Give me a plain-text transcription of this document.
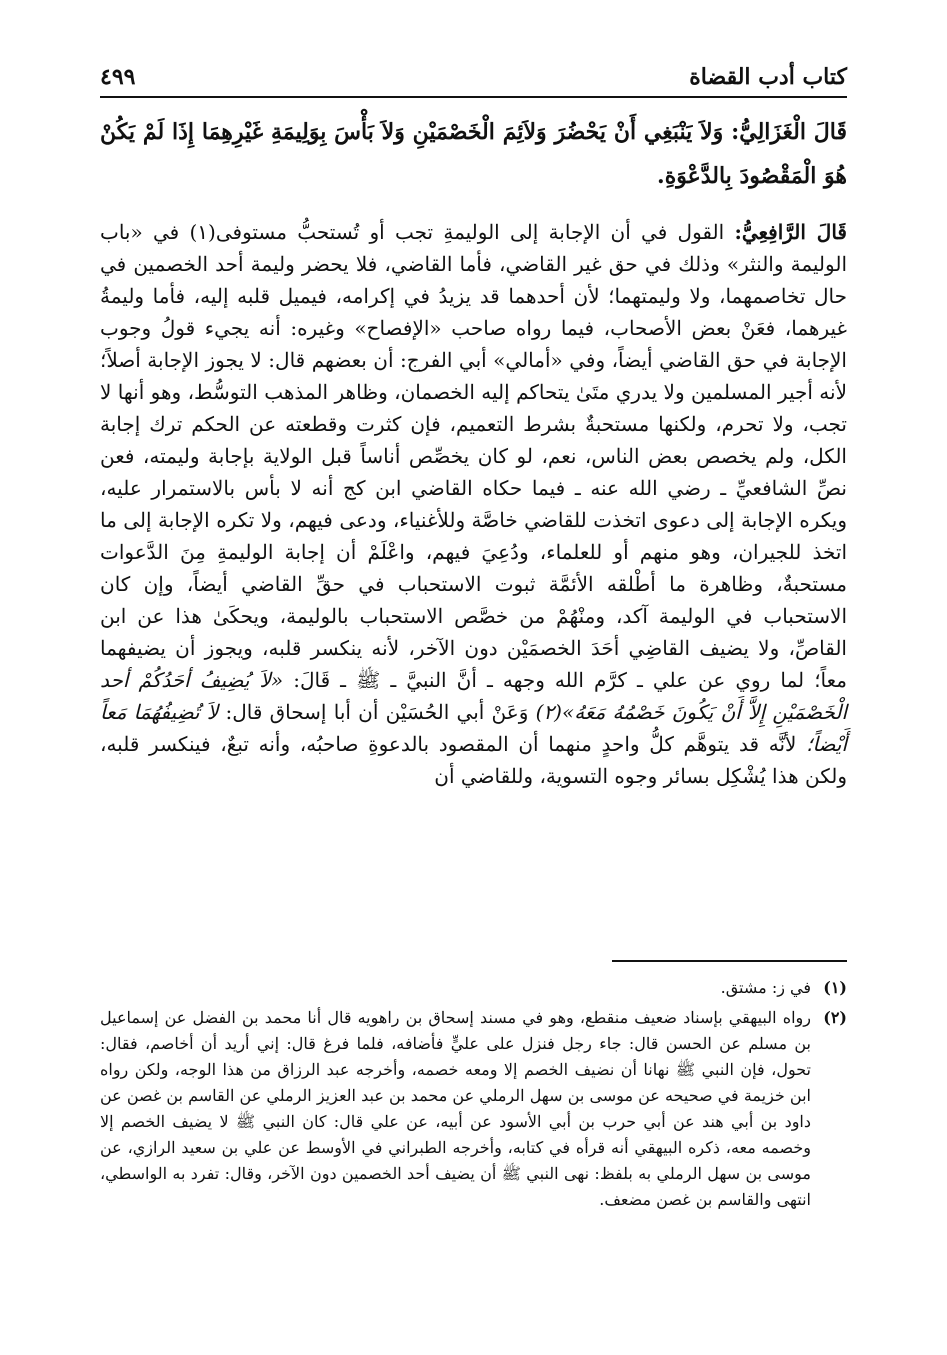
كتاب أدب القضاة
٤٩٩

قَالَ الْغَزَالِيُّ: وَلاَ يَنْبَغِي أَنْ يَحْضُرَ وَلاَئِمَ الْخَصْمَيْنِ وَلاَ بَأْسَ بِوَلِيمَةِ غَيْرِهِمَا إِذَا لَمْ يَكُنْ هُوَ الْمَقْصُودَ بِالدَّعْوَةِ.

قَالَ الرَّافِعِيُّ: القول في أن الإجابة إلى الوليمةِ تجب أو تُستحبُّ مستوفى(١) في «باب الوليمة والنثر» وذلك في حق غير القاضي، فأما القاضي، فلا يحضر وليمة أحد الخصمين في حال تخاصمهما، ولا وليمتهما؛ لأن أحدهما قد يزيدُ في إكرامه، فيميل قلبه إليه، فأما وليمةُ غيرهما، فعَنْ بعض الأصحاب، فيما رواه صاحب «الإفصاح» وغيره: أنه يجيء قولُ وجوب الإجابة في حق القاضي أيضاً، وفي «أمالي» أبي الفرج: أن بعضهم قال: لا يجوز الإجابة أصلاً؛ لأنه أجير المسلمين ولا يدري متَىٰ يتحاكم إليه الخصمان، وظاهر المذهب التوسُّط، وهو أنها لا تجب، ولا تحرم، ولكنها مستحبةٌ بشرط التعميم، فإن كثرت وقطعته عن الحكم ترك إجابة الكل، ولم يخصص بعض الناس، نعم، لو كان يخصِّص أناساً قبل الولاية بإجابة وليمته، فعن نصِّ الشافعيِّ ـ رضي الله عنه ـ فيما حكاه القاضي ابن كج أنه لا بأس بالاستمرار عليه، ويكره الإجابة إلى دعوى اتخذت للقاضي خاصَّة وللأغنياء، ودعى فيهم، ولا تكره الإجابة إلى ما اتخذ للجيران، وهو منهم أو للعلماء، ودُعِيَ فيهم، واعْلَمْ أن إجابة الوليمةِ مِنَ الدَّعوات مستحبةٌ، وظاهرة ما أطْلقه الأئمَّة ثبوت الاستحباب في حقِّ القاضي أيضاً، وإن كان الاستحباب في الوليمة آكد، ومنْهُمْ من خصَّص الاستحباب بالوليمة، ويحكَىٰ هذا عن ابن القاصِّ، ولا يضيف القاضِي أحَدَ الخصمَيْن دون الآخر، لأنه ينكسر قلبه، ويجوز أن يضيفهما معاً؛ لما روي عن علي ـ كرَّم الله وجهه ـ أنَّ النبيَّ ـ ﷺ ـ قَالَ: «لاَ يُضِيفُ أحَدُكُمْ أحد الْخَصْمَيْنِ إِلاَّ أَنْ يَكُونَ خَصْمُهُ مَعَهُ»(٢) وَعَنْ أبي الحُسَيْن أن أبا إسحاق قال: لاَ تُضِيفُهُمَا مَعاً أَيْضاً؛ لأنَّه قد يتوهَّم كلُّ واحدٍ منهما أن المقصود بالدعوةِ صاحبُه، وأنه تبعٌ، فينكسر قلبه، ولكن هذا يُشْكِل بسائر وجوه التسوية، وللقاضي أن

(١)
في ز: مشتق.
(٢)
رواه البيهقي بإسناد ضعيف منقطع، وهو في مسند إسحاق بن راهويه قال أنا محمد بن الفضل عن إسماعيل بن مسلم عن الحسن قال: جاء رجل فنزل على عليٍّ فأضافه، فلما فرغ قال: إني أريد أن أخاصم، فقال: تحول، فإن النبي ﷺ نهانا أن نضيف الخصم إلا ومعه خصمه، وأخرجه عبد الرزاق من هذا الوجه، ولكن رواه ابن خزيمة في صحيحه عن موسى بن سهل الرملي عن محمد بن عبد العزيز الرملي عن القاسم بن غصن عن داود بن أبي هند عن أبي حرب بن أبي الأسود عن أبيه، عن علي قال: كان النبي ﷺ لا يضيف الخصم إلا وخصمه معه، ذكره البيهقي أنه قرأه في كتابه، وأخرجه الطبراني في الأوسط عن علي بن سعيد الرازي، عن موسى بن سهل الرملي به بلفظ: نهى النبي ﷺ أن يضيف أحد الخصمين دون الآخر، وقال: تفرد به الواسطي، انتهى والقاسم بن غصن مضعف.
